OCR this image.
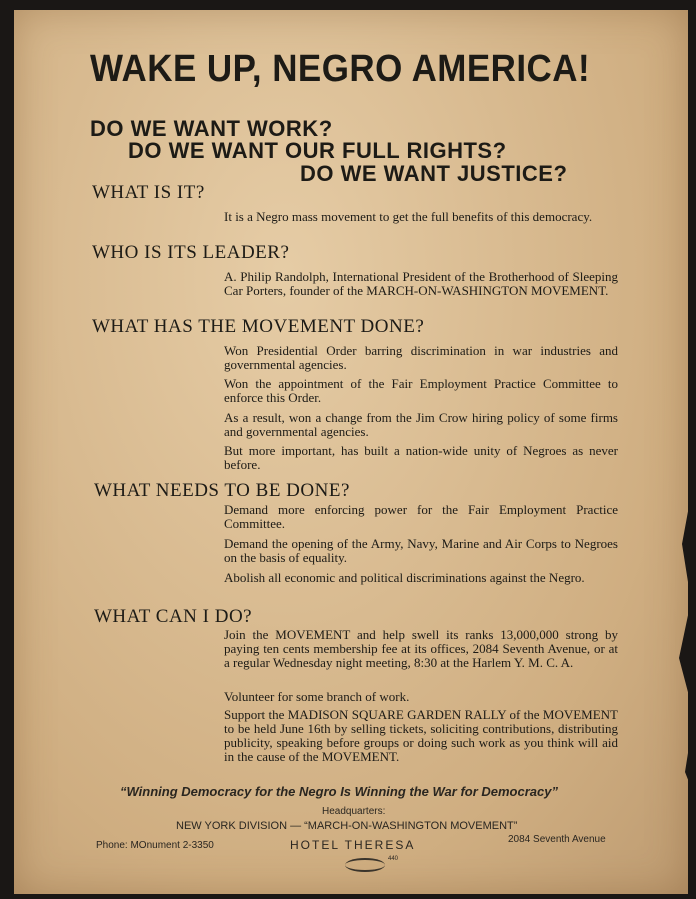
WAKE UP, NEGRO AMERICA!
DO WE WANT WORK?
DO WE WANT OUR FULL RIGHTS?
DO WE WANT JUSTICE?
WHAT IS IT?
It is a Negro mass movement to get the full benefits of this democracy.
WHO IS ITS LEADER?
A. Philip Randolph, International President of the Brotherhood of Sleeping Car Porters, founder of the MARCH-ON-WASHINGTON MOVEMENT.
WHAT HAS THE MOVEMENT DONE?
Won Presidential Order barring discrimination in war industries and governmental agencies.
Won the appointment of the Fair Employment Practice Committee to enforce this Order.
As a result, won a change from the Jim Crow hiring policy of some firms and governmental agencies.
But more important, has built a nation-wide unity of Negroes as never before.
WHAT NEEDS TO BE DONE?
Demand more enforcing power for the Fair Employment Practice Committee.
Demand the opening of the Army, Navy, Marine and Air Corps to Negroes on the basis of equality.
Abolish all economic and political discriminations against the Negro.
WHAT CAN I DO?
Join the MOVEMENT and help swell its ranks 13,000,000 strong by paying ten cents membership fee at its offices, 2084 Seventh Avenue, or at a regular Wednesday night meeting, 8:30 at the Harlem Y. M. C. A.
Volunteer for some branch of work.
Support the MADISON SQUARE GARDEN RALLY of the MOVEMENT to be held June 16th by selling tickets, soliciting contributions, distributing publicity, speaking before groups or doing such work as you think will aid in the cause of the MOVEMENT.
“Winning Democracy for the Negro Is Winning the War for Democracy”
Headquarters:
NEW YORK DIVISION — “MARCH-ON-WASHINGTON MOVEMENT”
Phone: MOnument 2-3350	HOTEL THERESA	2084 Seventh Avenue
440
